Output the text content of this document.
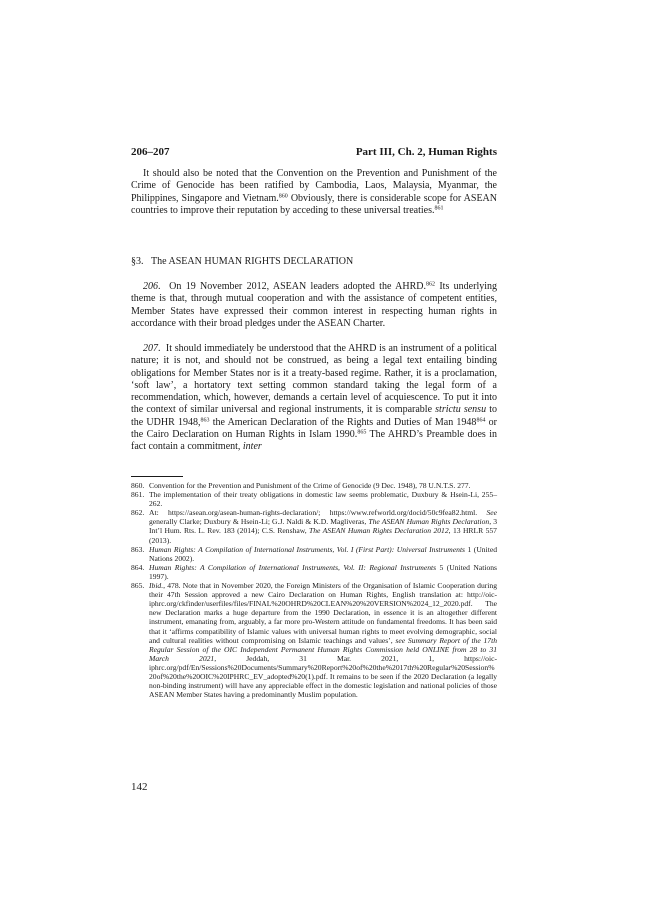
206–207	Part III, Ch. 2, Human Rights

It should also be noted that the Convention on the Prevention and Punishment of the Crime of Genocide has been ratified by Cambodia, Laos, Malaysia, Myanmar, the Philippines, Singapore and Vietnam.$^{860}$ Obviously, there is considerable scope for ASEAN countries to improve their reputation by acceding to these universal treaties.$^{861}$

§3. The ASEAN HUMAN RIGHTS DECLARATION

206.  On 19 November 2012, ASEAN leaders adopted the AHRD.$^{862}$ Its underlying theme is that, through mutual cooperation and with the assistance of competent entities, Member States have expressed their common interest in respecting human rights in accordance with their broad pledges under the ASEAN Charter.

207.  It should immediately be understood that the AHRD is an instrument of a political nature; it is not, and should not be construed, as being a legal text entailing binding obligations for Member States nor is it a treaty-based regime. Rather, it is a proclamation, ‘soft law’, a hortatory text setting common standard taking the legal form of a recommendation, which, however, demands a certain level of acquiescence. To put it into the context of similar universal and regional instruments, it is comparable strictu sensu to the UDHR 1948,$^{863}$ the American Declaration of the Rights and Duties of Man 1948$^{864}$ or the Cairo Declaration on Human Rights in Islam 1990.$^{865}$ The AHRD’s Preamble does in fact contain a commitment, inter

860. Convention for the Prevention and Punishment of the Crime of Genocide (9 Dec. 1948), 78 U.N.T.S. 277.
861. The implementation of their treaty obligations in domestic law seems problematic, Duxbury & Hsein-Li, 255–262.
862. At: https://asean.org/asean-human-rights-declaration/; https://www.refworld.org/docid/50c9fea82.html. See generally Clarke; Duxbury & Hsein-Li; G.J. Naldi & K.D. Magliveras, The ASEAN Human Rights Declaration, 3 Int’l Hum. Rts. L. Rev. 183 (2014); C.S. Renshaw, The ASEAN Human Rights Declaration 2012, 13 HRLR 557 (2013).
863. Human Rights: A Compilation of International Instruments, Vol. I (First Part): Universal Instruments 1 (United Nations 2002).
864. Human Rights: A Compilation of International Instruments, Vol. II: Regional Instruments 5 (United Nations 1997).
865. Ibid., 478. Note that in November 2020, the Foreign Ministers of the Organisation of Islamic Cooperation during their 47th Session approved a new Cairo Declaration on Human Rights, English translation at: http://oic-iphrc.org/ckfinder/userfiles/files/FINAL%20OHRD%20CLEAN%20%20VERSION%2024_12_2020.pdf. The new Declaration marks a huge departure from the 1990 Declaration, in essence it is an altogether different instrument, emanating from, arguably, a far more pro-Western attitude on fundamental freedoms. It has been said that it ‘affirms compatibility of Islamic values with universal human rights to meet evolving demographic, social and cultural realities without compromising on Islamic teachings and values’, see Summary Report of the 17th Regular Session of the OIC Independent Permanent Human Rights Commission held ONLINE from 28 to 31 March 2021, Jeddah, 31 Mar. 2021, 1, https://oic-iphrc.org/pdf/En/Sessions%20Documents/Summary%20Report%20of%20the%2017th%20Regular%20Session%20of%20the%20OIC%20IPHRC_EV_adopted%20(1).pdf. It remains to be seen if the 2020 Declaration (a legally non-binding instrument) will have any appreciable effect in the domestic legislation and national policies of those ASEAN Member States having a predominantly Muslim population.
142
